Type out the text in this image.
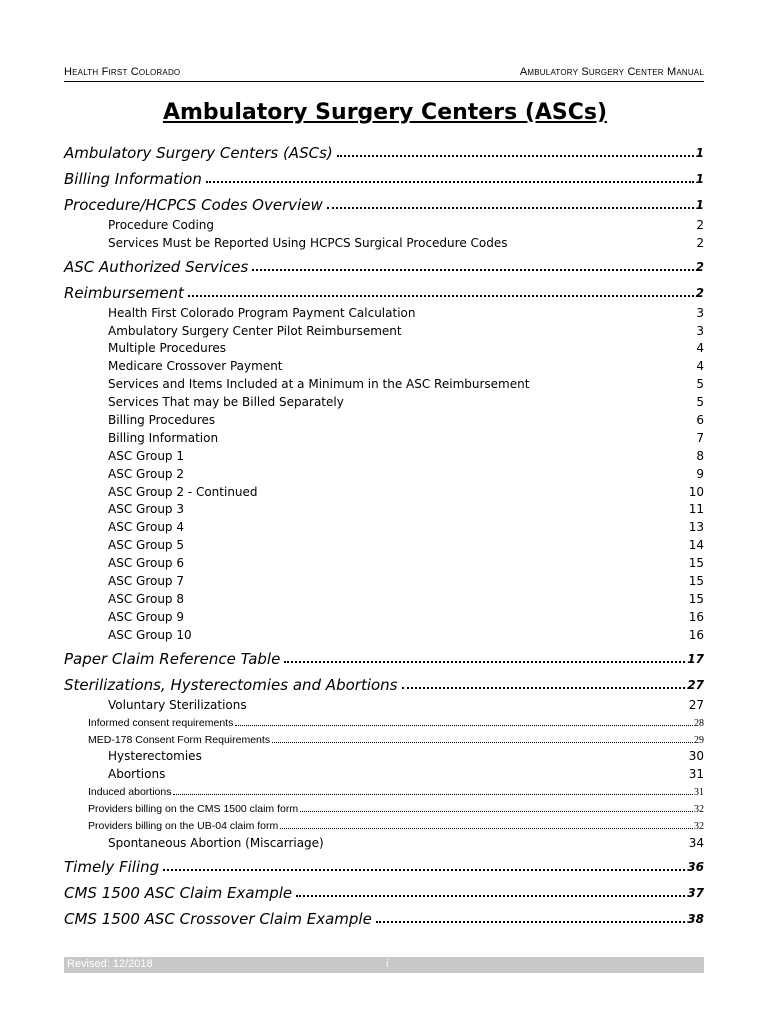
Health First Colorado	Ambulatory Surgery Center Manual
Ambulatory Surgery Centers (ASCs)
Ambulatory Surgery Centers (ASCs)	1
Billing Information	1
Procedure/HCPCS Codes Overview	1
Procedure Coding	2
Services Must be Reported Using HCPCS Surgical Procedure Codes	2
ASC Authorized Services	2
Reimbursement	2
Health First Colorado Program Payment Calculation	3
Ambulatory Surgery Center Pilot Reimbursement	3
Multiple Procedures	4
Medicare Crossover Payment	4
Services and Items Included at a Minimum in the ASC Reimbursement	5
Services That may be Billed Separately	5
Billing Procedures	6
Billing Information	7
ASC Group 1	8
ASC Group 2	9
ASC Group 2 - Continued	10
ASC Group 3	11
ASC Group 4	13
ASC Group 5	14
ASC Group 6	15
ASC Group 7	15
ASC Group 8	15
ASC Group 9	16
ASC Group 10	16
Paper Claim Reference Table	17
Sterilizations, Hysterectomies and Abortions	27
Voluntary Sterilizations	27
Informed consent requirements	28
MED-178 Consent Form Requirements	29
Hysterectomies	30
Abortions	31
Induced abortions	31
Providers billing on the CMS 1500 claim form	32
Providers billing on the UB-04 claim form	32
Spontaneous Abortion (Miscarriage)	34
Timely Filing	36
CMS 1500 ASC Claim Example	37
CMS 1500 ASC Crossover Claim Example	38
Revised: 12/2018	i
